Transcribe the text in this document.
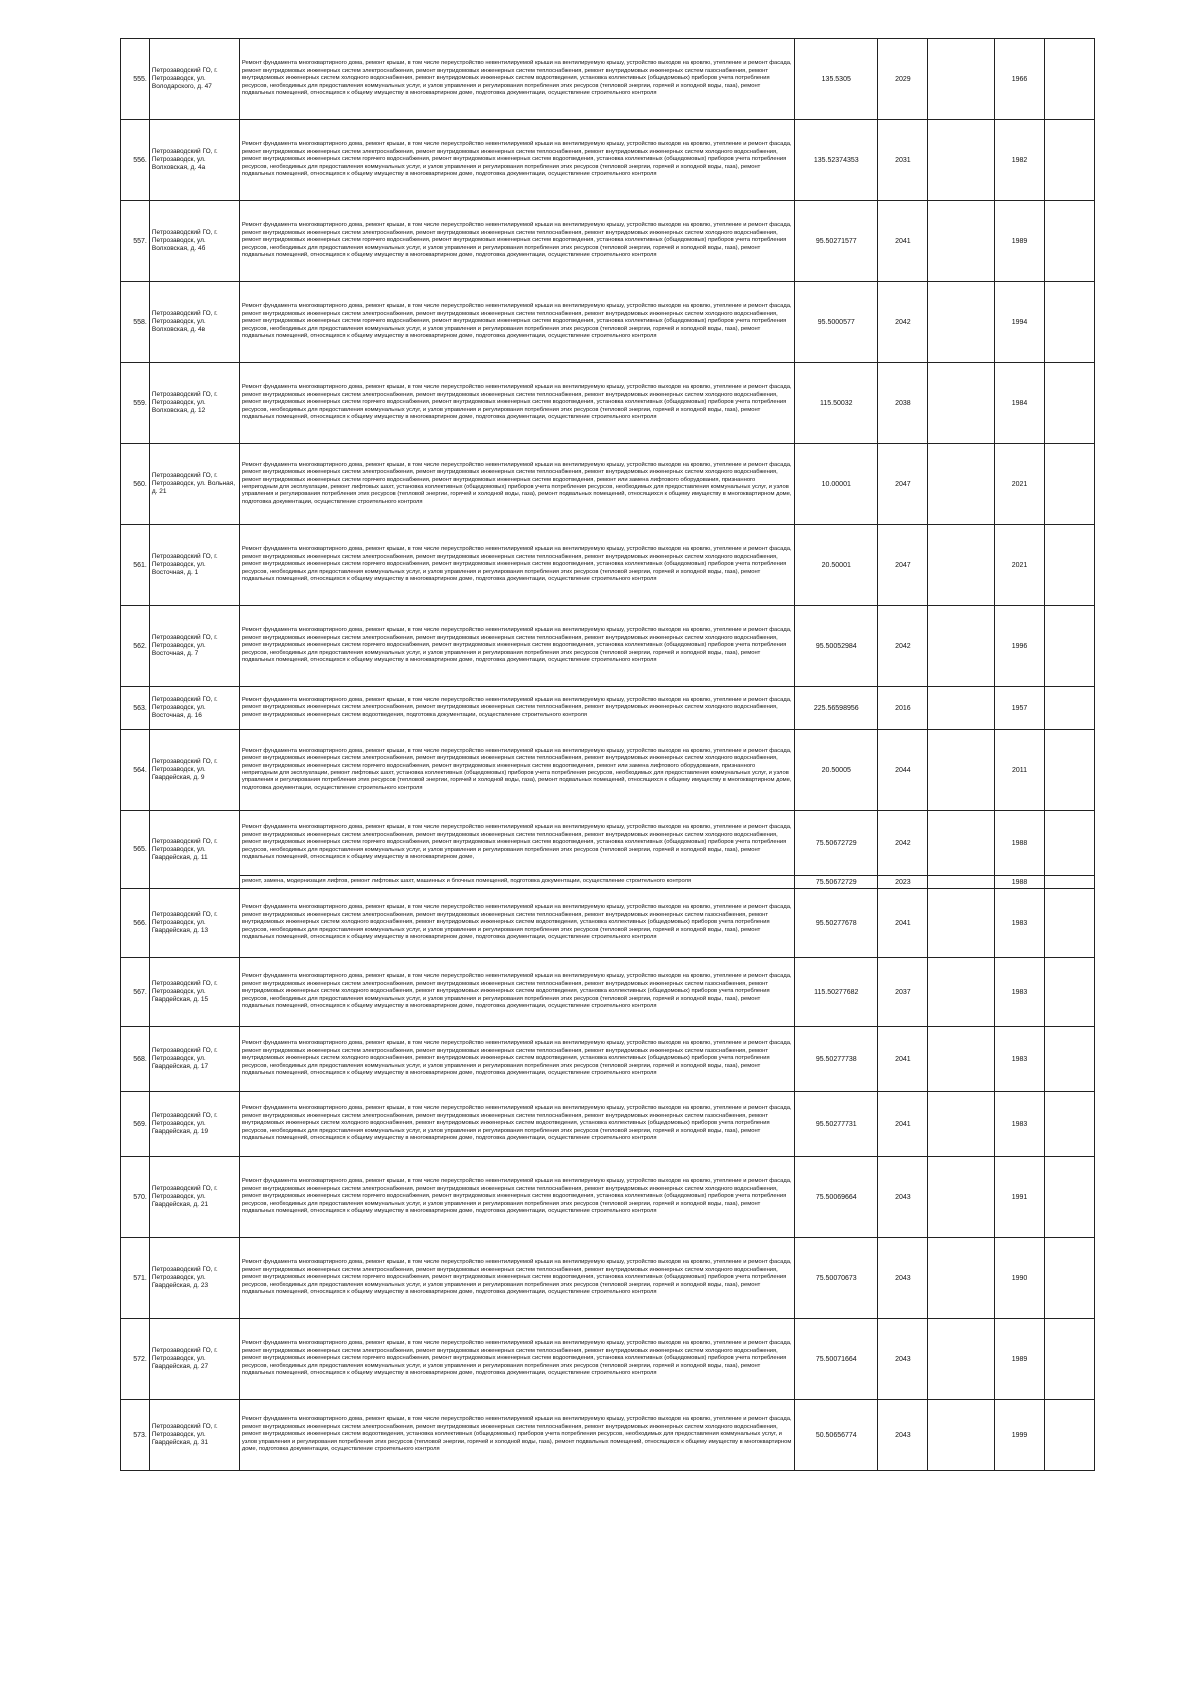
555.	Петрозаводский ГО, г. Петрозаводск, ул. Володарского, д. 47	Ремонт фундамента многоквартирного дома, ремонт крыши, в том числе переустройство невентилируемой крыши на вентилируемую крышу, устройство выходов на кровлю, утепление и ремонт фасада, ремонт внутридомовых инженерных систем электроснабжения, ремонт внутридомовых инженерных систем теплоснабжения, ремонт внутридомовых инженерных систем газоснабжения, ремонт внутридомовых инженерных систем холодного водоснабжения, ремонт внутридомовых инженерных систем водоотведения, установка коллективных (общедомовых) приборов учета потребления ресурсов, необходимых для предоставления коммунальных услуг, и узлов управления и регулирования потребления этих ресурсов (тепловой энергии, горячей и холодной воды, газа), ремонт подвальных помещений, относящихся к общему имуществу в многоквартирном доме, подготовка документации, осуществление строительного контроля	135.5305	2029		1966	
556.	Петрозаводский ГО, г. Петрозаводск, ул. Волховская, д. 4а	Ремонт фундамента многоквартирного дома, ремонт крыши, в том числе переустройство невентилируемой крыши на вентилируемую крышу, устройство выходов на кровлю, утепление и ремонт фасада, ремонт внутридомовых инженерных систем электроснабжения, ремонт внутридомовых инженерных систем теплоснабжения, ремонт внутридомовых инженерных систем холодного водоснабжения, ремонт внутридомовых инженерных систем горячего водоснабжения, ремонт внутридомовых инженерных систем водоотведения, установка коллективных (общедомовых) приборов учета потребления ресурсов, необходимых для предоставления коммунальных услуг, и узлов управления и регулирования потребления этих ресурсов (тепловой энергии, горячей и холодной воды, газа), ремонт подвальных помещений, относящихся к общему имуществу в многоквартирном доме, подготовка документации, осуществление строительного контроля	135.52374353	2031		1982	
557.	Петрозаводский ГО, г. Петрозаводск, ул. Волховская, д. 4б	Ремонт фундамента многоквартирного дома, ремонт крыши, в том числе переустройство невентилируемой крыши на вентилируемую крышу, устройство выходов на кровлю, утепление и ремонт фасада, ремонт внутридомовых инженерных систем электроснабжения, ремонт внутридомовых инженерных систем теплоснабжения, ремонт внутридомовых инженерных систем холодного водоснабжения, ремонт внутридомовых инженерных систем горячего водоснабжения, ремонт внутридомовых инженерных систем водоотведения, установка коллективных (общедомовых) приборов учета потребления ресурсов, необходимых для предоставления коммунальных услуг, и узлов управления и регулирования потребления этих ресурсов (тепловой энергии, горячей и холодной воды, газа), ремонт подвальных помещений, относящихся к общему имуществу в многоквартирном доме, подготовка документации, осуществление строительного контроля	95.50271577	2041		1989	
558.	Петрозаводский ГО, г. Петрозаводск, ул. Волховская, д. 4в	Ремонт фундамента многоквартирного дома, ремонт крыши, в том числе переустройство невентилируемой крыши на вентилируемую крышу, устройство выходов на кровлю, утепление и ремонт фасада, ремонт внутридомовых инженерных систем электроснабжения, ремонт внутридомовых инженерных систем теплоснабжения, ремонт внутридомовых инженерных систем холодного водоснабжения, ремонт внутридомовых инженерных систем горячего водоснабжения, ремонт внутридомовых инженерных систем водоотведения, установка коллективных (общедомовых) приборов учета потребления ресурсов, необходимых для предоставления коммунальных услуг, и узлов управления и регулирования потребления этих ресурсов (тепловой энергии, горячей и холодной воды, газа), ремонт подвальных помещений, относящихся к общему имуществу в многоквартирном доме, подготовка документации, осуществление строительного контроля	95.5000577	2042		1994	
559.	Петрозаводский ГО, г. Петрозаводск, ул. Волховская, д. 12	Ремонт фундамента многоквартирного дома, ремонт крыши, в том числе переустройство невентилируемой крыши на вентилируемую крышу, устройство выходов на кровлю, утепление и ремонт фасада, ремонт внутридомовых инженерных систем электроснабжения, ремонт внутридомовых инженерных систем теплоснабжения, ремонт внутридомовых инженерных систем холодного водоснабжения, ремонт внутридомовых инженерных систем горячего водоснабжения, ремонт внутридомовых инженерных систем водоотведения, установка коллективных (общедомовых) приборов учета потребления ресурсов, необходимых для предоставления коммунальных услуг, и узлов управления и регулирования потребления этих ресурсов (тепловой энергии, горячей и холодной воды, газа), ремонт подвальных помещений, относящихся к общему имуществу в многоквартирном доме, подготовка документации, осуществление строительного контроля	115.50032	2038		1984	
560.	Петрозаводский ГО, г. Петрозаводск, ул. Вольная, д. 21	Ремонт фундамента многоквартирного дома, ремонт крыши, в том числе переустройство невентилируемой крыши на вентилируемую крышу, устройство выходов на кровлю, утепление и ремонт фасада, ремонт внутридомовых инженерных систем электроснабжения, ремонт внутридомовых инженерных систем теплоснабжения, ремонт внутридомовых инженерных систем холодного водоснабжения, ремонт внутридомовых инженерных систем горячего водоснабжения, ремонт внутридомовых инженерных систем водоотведения, ремонт или замена лифтового оборудования, признанного непригодным для эксплуатации, ремонт лифтовых шахт, установка коллективных (общедомовых) приборов учета потребления ресурсов, необходимых для предоставления коммунальных услуг, и узлов управления и регулирования потребления этих ресурсов (тепловой энергии, горячей и холодной воды, газа), ремонт подвальных помещений, относящихся к общему имуществу в многоквартирном доме, подготовка документации, осуществление строительного контроля	10.00001	2047		2021	
561.	Петрозаводский ГО, г. Петрозаводск, ул. Восточная, д. 1	Ремонт фундамента многоквартирного дома, ремонт крыши, в том числе переустройство невентилируемой крыши на вентилируемую крышу, устройство выходов на кровлю, утепление и ремонт фасада, ремонт внутридомовых инженерных систем электроснабжения, ремонт внутридомовых инженерных систем теплоснабжения, ремонт внутридомовых инженерных систем холодного водоснабжения, ремонт внутридомовых инженерных систем горячего водоснабжения, ремонт внутридомовых инженерных систем водоотведения, установка коллективных (общедомовых) приборов учета потребления ресурсов, необходимых для предоставления коммунальных услуг, и узлов управления и регулирования потребления этих ресурсов (тепловой энергии, горячей и холодной воды, газа), ремонт подвальных помещений, относящихся к общему имуществу в многоквартирном доме, подготовка документации, осуществление строительного контроля	20.50001	2047		2021	
562.	Петрозаводский ГО, г. Петрозаводск, ул. Восточная, д. 7	Ремонт фундамента многоквартирного дома, ремонт крыши, в том числе переустройство невентилируемой крыши на вентилируемую крышу, устройство выходов на кровлю, утепление и ремонт фасада, ремонт внутридомовых инженерных систем электроснабжения, ремонт внутридомовых инженерных систем теплоснабжения, ремонт внутридомовых инженерных систем холодного водоснабжения, ремонт внутридомовых инженерных систем горячего водоснабжения, ремонт внутридомовых инженерных систем водоотведения, установка коллективных (общедомовых) приборов учета потребления ресурсов, необходимых для предоставления коммунальных услуг, и узлов управления и регулирования потребления этих ресурсов (тепловой энергии, горячей и холодной воды, газа), ремонт подвальных помещений, относящихся к общему имуществу в многоквартирном доме, подготовка документации, осуществление строительного контроля	95.50052984	2042		1996	
563.	Петрозаводский ГО, г. Петрозаводск, ул. Восточная, д. 16	Ремонт фундамента многоквартирного дома, ремонт крыши, в том числе переустройство невентилируемой крыши на вентилируемую крышу, устройство выходов на кровлю, утепление и ремонт фасада, ремонт внутридомовых инженерных систем электроснабжения, ремонт внутридомовых инженерных систем теплоснабжения, ремонт внутридомовых инженерных систем холодного водоснабжения, ремонт внутридомовых инженерных систем водоотведения, подготовка документации, осуществление строительного контроля	225.56598956	2016		1957	
564.	Петрозаводский ГО, г. Петрозаводск, ул. Гвардейская, д. 9	Ремонт фундамента многоквартирного дома, ремонт крыши, в том числе переустройство невентилируемой крыши на вентилируемую крышу, устройство выходов на кровлю, утепление и ремонт фасада, ремонт внутридомовых инженерных систем электроснабжения, ремонт внутридомовых инженерных систем теплоснабжения, ремонт внутридомовых инженерных систем холодного водоснабжения, ремонт внутридомовых инженерных систем горячего водоснабжения, ремонт внутридомовых инженерных систем водоотведения, ремонт или замена лифтового оборудования, признанного непригодным для эксплуатации, ремонт лифтовых шахт, установка коллективных (общедомовых) приборов учета потребления ресурсов, необходимых для предоставления коммунальных услуг, и узлов управления и регулирования потребления этих ресурсов (тепловой энергии, горячей и холодной воды, газа), ремонт подвальных помещений, относящихся к общему имуществу в многоквартирном доме, подготовка документации, осуществление строительного контроля	20.50005	2044		2011	
565.	Петрозаводский ГО, г. Петрозаводск, ул. Гвардейская, д. 11	Ремонт фундамента многоквартирного дома, ремонт крыши, в том числе переустройство невентилируемой крыши на вентилируемую крышу, устройство выходов на кровлю, утепление и ремонт фасада, ремонт внутридомовых инженерных систем электроснабжения, ремонт внутридомовых инженерных систем теплоснабжения, ремонт внутридомовых инженерных систем холодного водоснабжения, ремонт внутридомовых инженерных систем горячего водоснабжения, ремонт внутридомовых инженерных систем водоотведения, установка коллективных (общедомовых) приборов учета потребления ресурсов, необходимых для предоставления коммунальных услуг, и узлов управления и регулирования потребления этих ресурсов (тепловой энергии, горячей и холодной воды, газа), ремонт подвальных помещений, относящихся к общему имуществу в многоквартирном доме,	75.50672729	2042		1988	
		ремонт, замена, модернизация лифтов, ремонт лифтовых шахт, машинных и блочных помещений, подготовка документации, осуществление строительного контроля	75.50672729	2023		1988	
566.	Петрозаводский ГО, г. Петрозаводск, ул. Гвардейская, д. 13	Ремонт фундамента многоквартирного дома, ремонт крыши, в том числе переустройство невентилируемой крыши на вентилируемую крышу, устройство выходов на кровлю, утепление и ремонт фасада, ремонт внутридомовых инженерных систем электроснабжения, ремонт внутридомовых инженерных систем теплоснабжения, ремонт внутридомовых инженерных систем газоснабжения, ремонт внутридомовых инженерных систем холодного водоснабжения, ремонт внутридомовых инженерных систем водоотведения, установка коллективных (общедомовых) приборов учета потребления ресурсов, необходимых для предоставления коммунальных услуг, и узлов управления и регулирования потребления этих ресурсов (тепловой энергии, горячей и холодной воды, газа), ремонт подвальных помещений, относящихся к общему имуществу в многоквартирном доме, подготовка документации, осуществление строительного контроля	95.50277678	2041		1983	
567.	Петрозаводский ГО, г. Петрозаводск, ул. Гвардейская, д. 15	Ремонт фундамента многоквартирного дома, ремонт крыши, в том числе переустройство невентилируемой крыши на вентилируемую крышу, устройство выходов на кровлю, утепление и ремонт фасада, ремонт внутридомовых инженерных систем электроснабжения, ремонт внутридомовых инженерных систем теплоснабжения, ремонт внутридомовых инженерных систем газоснабжения, ремонт внутридомовых инженерных систем холодного водоснабжения, ремонт внутридомовых инженерных систем водоотведения, установка коллективных (общедомовых) приборов учета потребления ресурсов, необходимых для предоставления коммунальных услуг, и узлов управления и регулирования потребления этих ресурсов (тепловой энергии, горячей и холодной воды, газа), ремонт подвальных помещений, относящихся к общему имуществу в многоквартирном доме, подготовка документации, осуществление строительного контроля	115.50277682	2037		1983	
568.	Петрозаводский ГО, г. Петрозаводск, ул. Гвардейская, д. 17	Ремонт фундамента многоквартирного дома, ремонт крыши, в том числе переустройство невентилируемой крыши на вентилируемую крышу, устройство выходов на кровлю, утепление и ремонт фасада, ремонт внутридомовых инженерных систем электроснабжения, ремонт внутридомовых инженерных систем теплоснабжения, ремонт внутридомовых инженерных систем газоснабжения, ремонт внутридомовых инженерных систем холодного водоснабжения, ремонт внутридомовых инженерных систем водоотведения, установка коллективных (общедомовых) приборов учета потребления ресурсов, необходимых для предоставления коммунальных услуг, и узлов управления и регулирования потребления этих ресурсов (тепловой энергии, горячей и холодной воды, газа), ремонт подвальных помещений, относящихся к общему имуществу в многоквартирном доме, подготовка документации, осуществление строительного контроля	95.50277738	2041		1983	
569.	Петрозаводский ГО, г. Петрозаводск, ул. Гвардейская, д. 19	Ремонт фундамента многоквартирного дома, ремонт крыши, в том числе переустройство невентилируемой крыши на вентилируемую крышу, устройство выходов на кровлю, утепление и ремонт фасада, ремонт внутридомовых инженерных систем электроснабжения, ремонт внутридомовых инженерных систем теплоснабжения, ремонт внутридомовых инженерных систем газоснабжения, ремонт внутридомовых инженерных систем холодного водоснабжения, ремонт внутридомовых инженерных систем водоотведения, установка коллективных (общедомовых) приборов учета потребления ресурсов, необходимых для предоставления коммунальных услуг, и узлов управления и регулирования потребления этих ресурсов (тепловой энергии, горячей и холодной воды, газа), ремонт подвальных помещений, относящихся к общему имуществу в многоквартирном доме, подготовка документации, осуществление строительного контроля	95.50277731	2041		1983	
570.	Петрозаводский ГО, г. Петрозаводск, ул. Гвардейская, д. 21	Ремонт фундамента многоквартирного дома, ремонт крыши, в том числе переустройство невентилируемой крыши на вентилируемую крышу, устройство выходов на кровлю, утепление и ремонт фасада, ремонт внутридомовых инженерных систем электроснабжения, ремонт внутридомовых инженерных систем теплоснабжения, ремонт внутридомовых инженерных систем холодного водоснабжения, ремонт внутридомовых инженерных систем горячего водоснабжения, ремонт внутридомовых инженерных систем водоотведения, установка коллективных (общедомовых) приборов учета потребления ресурсов, необходимых для предоставления коммунальных услуг, и узлов управления и регулирования потребления этих ресурсов (тепловой энергии, горячей и холодной воды, газа), ремонт подвальных помещений, относящихся к общему имуществу в многоквартирном доме, подготовка документации, осуществление строительного контроля	75.50069664	2043		1991	
571.	Петрозаводский ГО, г. Петрозаводск, ул. Гвардейская, д. 23	Ремонт фундамента многоквартирного дома, ремонт крыши, в том числе переустройство невентилируемой крыши на вентилируемую крышу, устройство выходов на кровлю, утепление и ремонт фасада, ремонт внутридомовых инженерных систем электроснабжения, ремонт внутридомовых инженерных систем теплоснабжения, ремонт внутридомовых инженерных систем холодного водоснабжения, ремонт внутридомовых инженерных систем горячего водоснабжения, ремонт внутридомовых инженерных систем водоотведения, установка коллективных (общедомовых) приборов учета потребления ресурсов, необходимых для предоставления коммунальных услуг, и узлов управления и регулирования потребления этих ресурсов (тепловой энергии, горячей и холодной воды, газа), ремонт подвальных помещений, относящихся к общему имуществу в многоквартирном доме, подготовка документации, осуществление строительного контроля	75.50070673	2043		1990	
572.	Петрозаводский ГО, г. Петрозаводск, ул. Гвардейская, д. 27	Ремонт фундамента многоквартирного дома, ремонт крыши, в том числе переустройство невентилируемой крыши на вентилируемую крышу, устройство выходов на кровлю, утепление и ремонт фасада, ремонт внутридомовых инженерных систем электроснабжения, ремонт внутридомовых инженерных систем теплоснабжения, ремонт внутридомовых инженерных систем холодного водоснабжения, ремонт внутридомовых инженерных систем горячего водоснабжения, ремонт внутридомовых инженерных систем водоотведения, установка коллективных (общедомовых) приборов учета потребления ресурсов, необходимых для предоставления коммунальных услуг, и узлов управления и регулирования потребления этих ресурсов (тепловой энергии, горячей и холодной воды, газа), ремонт подвальных помещений, относящихся к общему имуществу в многоквартирном доме, подготовка документации, осуществление строительного контроля	75.50071664	2043		1989	
573.	Петрозаводский ГО, г. Петрозаводск, ул. Гвардейская, д. 31	Ремонт фундамента многоквартирного дома, ремонт крыши, в том числе переустройство невентилируемой крыши на вентилируемую крышу, устройство выходов на кровлю, утепление и ремонт фасада, ремонт внутридомовых инженерных систем электроснабжения, ремонт внутридомовых инженерных систем теплоснабжения, ремонт внутридомовых инженерных систем холодного водоснабжения, ремонт внутридомовых инженерных систем водоотведения, установка коллективных (общедомовых) приборов учета потребления ресурсов, необходимых для предоставления коммунальных услуг, и узлов управления и регулирования потребления этих ресурсов (тепловой энергии, горячей и холодной воды, газа), ремонт подвальных помещений, относящихся к общему имуществу в многоквартирном доме, подготовка документации, осуществление строительного контроля	50.50656774	2043		1999	
